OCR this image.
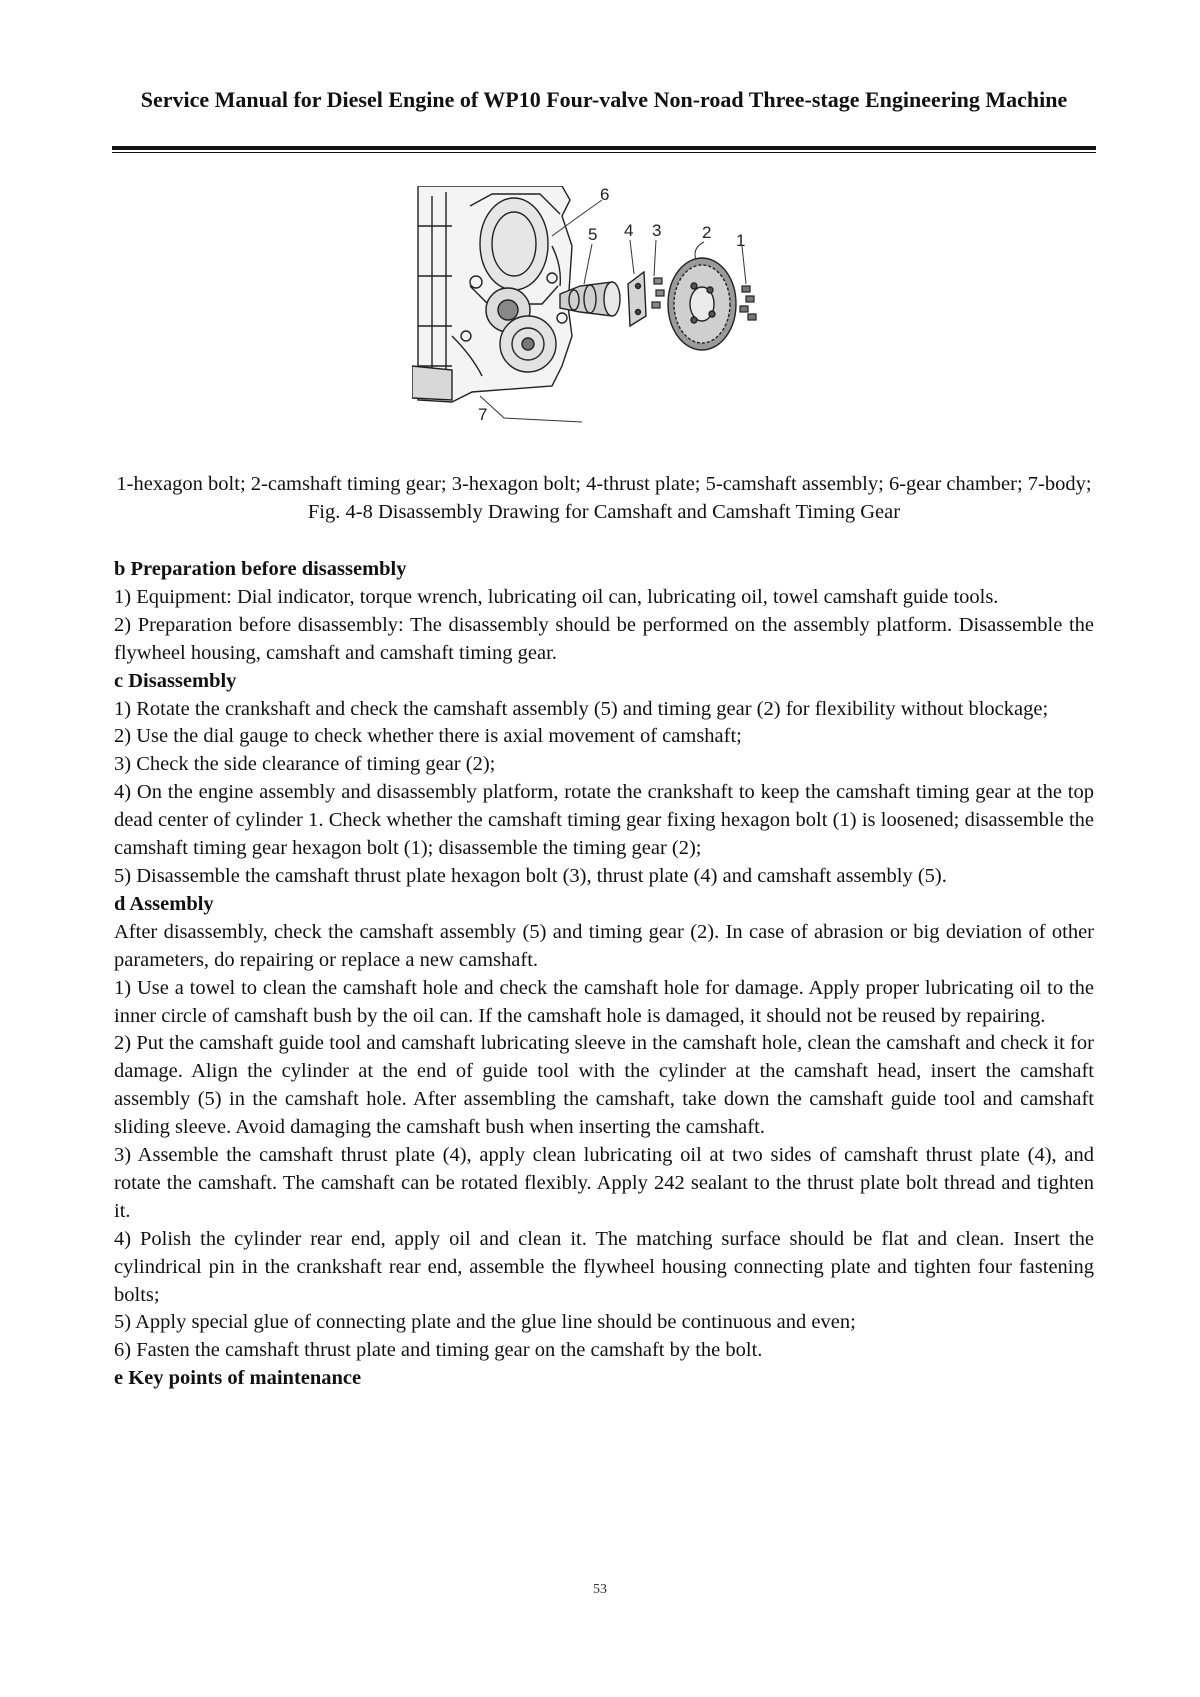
Service Manual for Diesel Engine of WP10 Four-valve Non-road Three-stage Engineering Machine
6
5 4 3 2 1
7
1-hexagon bolt; 2-camshaft timing gear; 3-hexagon bolt; 4-thrust plate; 5-camshaft assembly; 6-gear chamber; 7-body;
Fig. 4-8 Disassembly Drawing for Camshaft and Camshaft Timing Gear

b Preparation before disassembly

1) Equipment: Dial indicator, torque wrench, lubricating oil can, lubricating oil, towel camshaft guide tools.

2) Preparation before disassembly: The disassembly should be performed on the assembly platform. Disassemble the flywheel housing, camshaft and camshaft timing gear.

c Disassembly

1) Rotate the crankshaft and check the camshaft assembly (5) and timing gear (2) for flexibility without blockage;

2) Use the dial gauge to check whether there is axial movement of camshaft;

3) Check the side clearance of timing gear (2);

4) On the engine assembly and disassembly platform, rotate the crankshaft to keep the camshaft timing gear at the top dead center of cylinder 1. Check whether the camshaft timing gear fixing hexagon bolt (1) is loosened; disassemble the camshaft timing gear hexagon bolt (1); disassemble the timing gear (2);

5) Disassemble the camshaft thrust plate hexagon bolt (3), thrust plate (4) and camshaft assembly (5).

d Assembly

After disassembly, check the camshaft assembly (5) and timing gear (2). In case of abrasion or big deviation of other parameters, do repairing or replace a new camshaft.

1) Use a towel to clean the camshaft hole and check the camshaft hole for damage. Apply proper lubricating oil to the inner circle of camshaft bush by the oil can. If the camshaft hole is damaged, it should not be reused by repairing.

2) Put the camshaft guide tool and camshaft lubricating sleeve in the camshaft hole, clean the camshaft and check it for damage. Align the cylinder at the end of guide tool with the cylinder at the camshaft head, insert the camshaft assembly (5) in the camshaft hole. After assembling the camshaft, take down the camshaft guide tool and camshaft sliding sleeve. Avoid damaging the camshaft bush when inserting the camshaft.

3) Assemble the camshaft thrust plate (4), apply clean lubricating oil at two sides of camshaft thrust plate (4), and rotate the camshaft. The camshaft can be rotated flexibly. Apply 242 sealant to the thrust plate bolt thread and tighten it.

4) Polish the cylinder rear end, apply oil and clean it. The matching surface should be flat and clean. Insert the cylindrical pin in the crankshaft rear end, assemble the flywheel housing connecting plate and tighten four fastening bolts;

5) Apply special glue of connecting plate and the glue line should be continuous and even;

6) Fasten the camshaft thrust plate and timing gear on the camshaft by the bolt.

e Key points of maintenance

53
